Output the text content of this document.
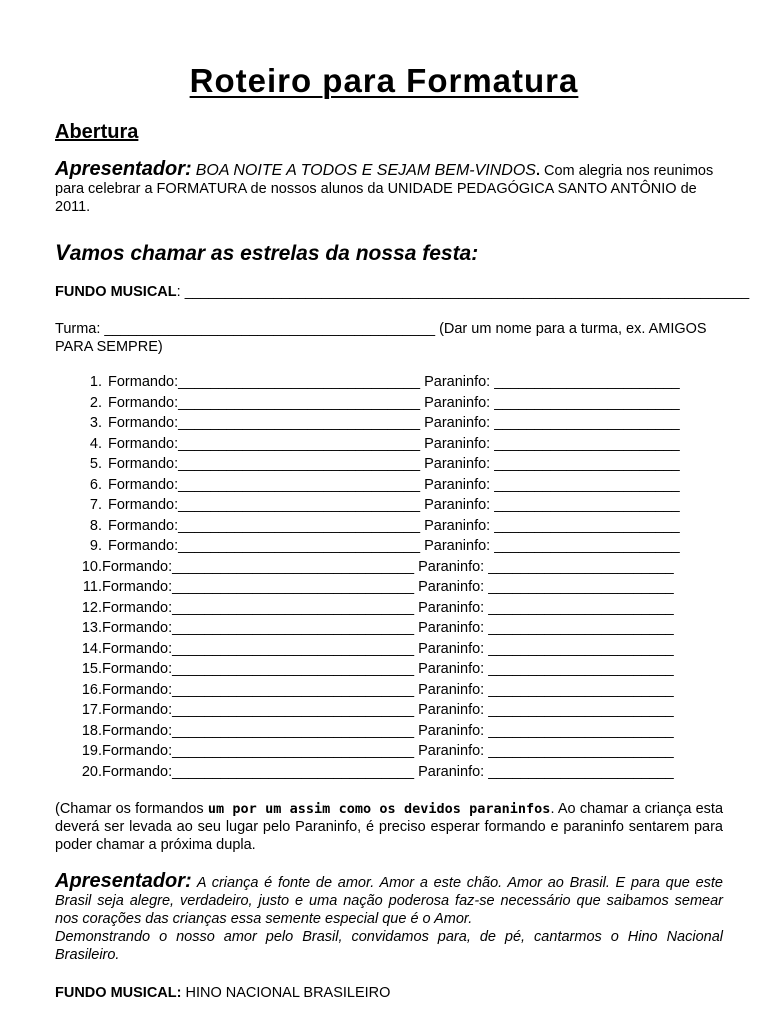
Roteiro para Formatura
Abertura
Apresentador: BOA NOITE A TODOS E SEJAM BEM-VINDOS. Com alegria nos reunimos para celebrar a FORMATURA de nossos alunos da UNIDADE PEDAGÓGICA SANTO ANTÔNIO de 2011.
Vamos chamar as estrelas da nossa festa:
FUNDO MUSICAL: ______________________________________________________________________
Turma: _________________________________________ (Dar um nome para a turma, ex. AMIGOS PARA SEMPRE)
1. Formando: ______________________________ Paraninfo: _______________________
2. Formando: ______________________________ Paraninfo: _______________________
3. Formando: ______________________________ Paraninfo: _______________________
4. Formando: ______________________________ Paraninfo: _______________________
5. Formando: ______________________________ Paraninfo: _______________________
6. Formando: ______________________________ Paraninfo: _______________________
7. Formando: ______________________________ Paraninfo: _______________________
8. Formando: ______________________________ Paraninfo: _______________________
9. Formando: ______________________________ Paraninfo: _______________________
10. Formando: ______________________________ Paraninfo: _______________________
11. Formando: ______________________________ Paraninfo: _______________________
12. Formando: ______________________________ Paraninfo: _______________________
13. Formando: ______________________________ Paraninfo: _______________________
14. Formando: ______________________________ Paraninfo: _______________________
15. Formando: ______________________________ Paraninfo: _______________________
16. Formando: ______________________________ Paraninfo: _______________________
17. Formando: ______________________________ Paraninfo: _______________________
18. Formando: ______________________________ Paraninfo: _______________________
19. Formando: ______________________________ Paraninfo: _______________________
20. Formando: ______________________________ Paraninfo: _______________________
(Chamar os formandos um por um assim como os devidos paraninfos. Ao chamar a criança esta deverá ser levada ao seu lugar pelo Paraninfo, é preciso esperar formando e paraninfo sentarem para poder chamar a próxima dupla.
Apresentador: A criança é fonte de amor. Amor a este chão. Amor ao Brasil. E para que este Brasil seja alegre, verdadeiro, justo e uma nação poderosa faz-se necessário que saibamos semear nos corações das crianças essa semente especial que é o Amor.
Demonstrando o nosso amor pelo Brasil, convidamos para, de pé, cantarmos o Hino Nacional Brasileiro.
FUNDO MUSICAL: HINO NACIONAL BRASILEIRO
